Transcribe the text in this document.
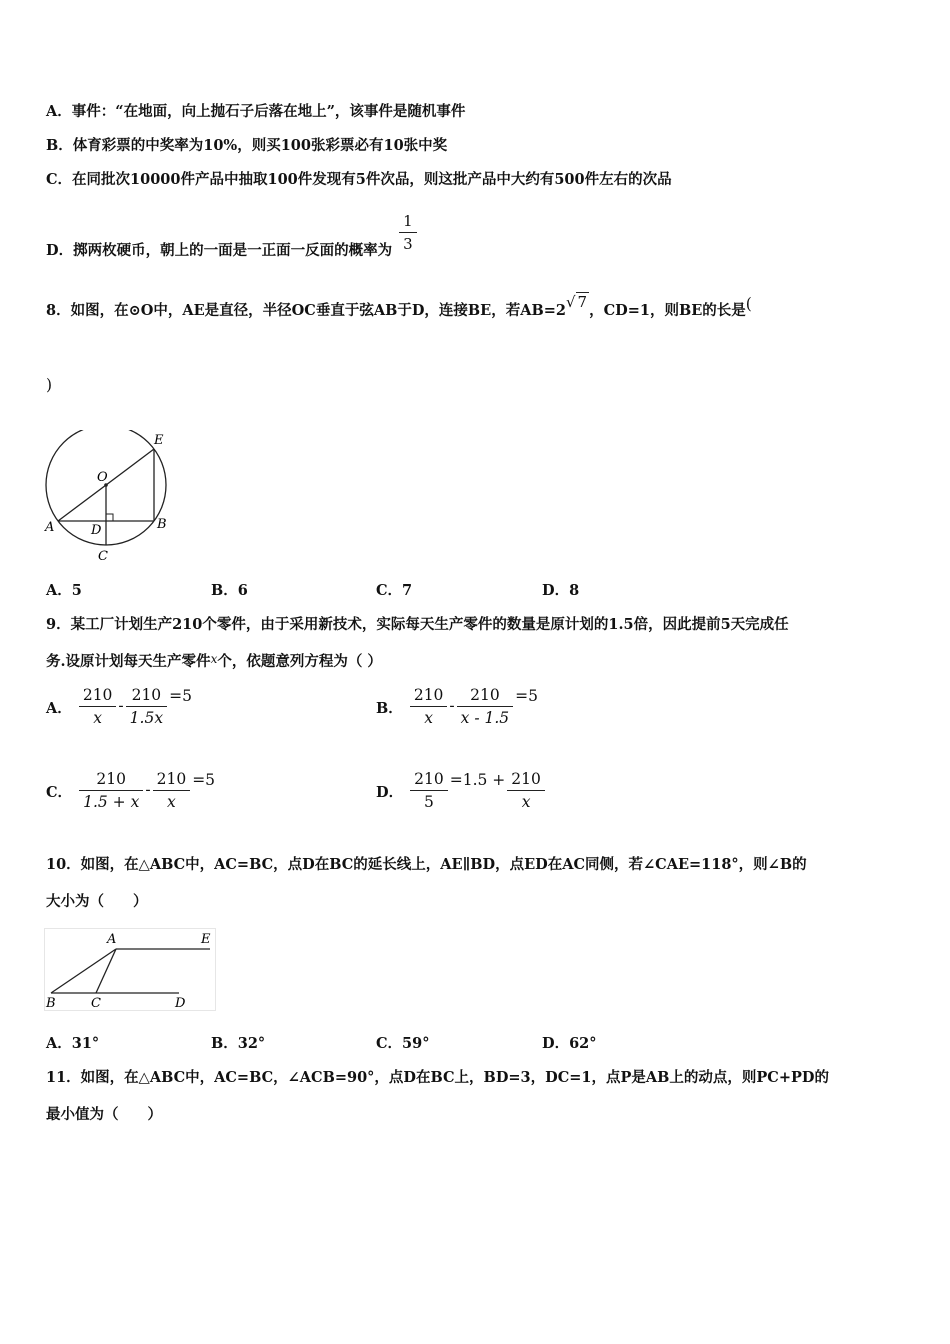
A．事件：“在地面，向上抛石子后落在地上”，该事件是随机事件
B．体育彩票的中奖率为10%，则买100张彩票必有10张中奖
C．在同批次10000件产品中抽取100件发现有5件次品，则这批产品中大约有500件左右的次品
D．掷两枚硬币，朝上的一面是一正面一反面的概率为 $\frac{1}{3}$
8．如图，在⊙O中，AE是直径，半径OC垂直于弦AB于D，连接BE，若AB=2√ 7 ，CD=1，则BE的长是(
)
E
O
A	D	B
C
A．5	B．6	C．7	D．8
9．某工厂计划生产210个零件，由于采用新技术，实际每天生产零件的数量是原计划的1.5倍，因此提前5天完成任
务.设原计划每天生产零件$^x$个，依题意列方程为（ ）
A． $\frac{210}{x} - \frac{210}{1.5x} =5$
B． $\frac{210}{x} - \frac{210}{x - 1.5} =5$
C． $\frac{210}{1.5 + x} - \frac{210}{x} =5$
D． $\frac{210}{5} =1.5 + \frac{210}{x}$
10．如图，在△ABC中，AC=BC，点D在BC的延长线上，AE∥BD，点ED在AC同侧，若∠CAE=118°，则∠B的
大小为（　　）
A	E
B	C	D
A．31°	B．32°	C．59°	D．62°
11．如图，在△ABC中，AC=BC，∠ACB=90°，点D在BC上，BD=3，DC=1，点P是AB上的动点，则PC+PD的
最小值为（　　）
